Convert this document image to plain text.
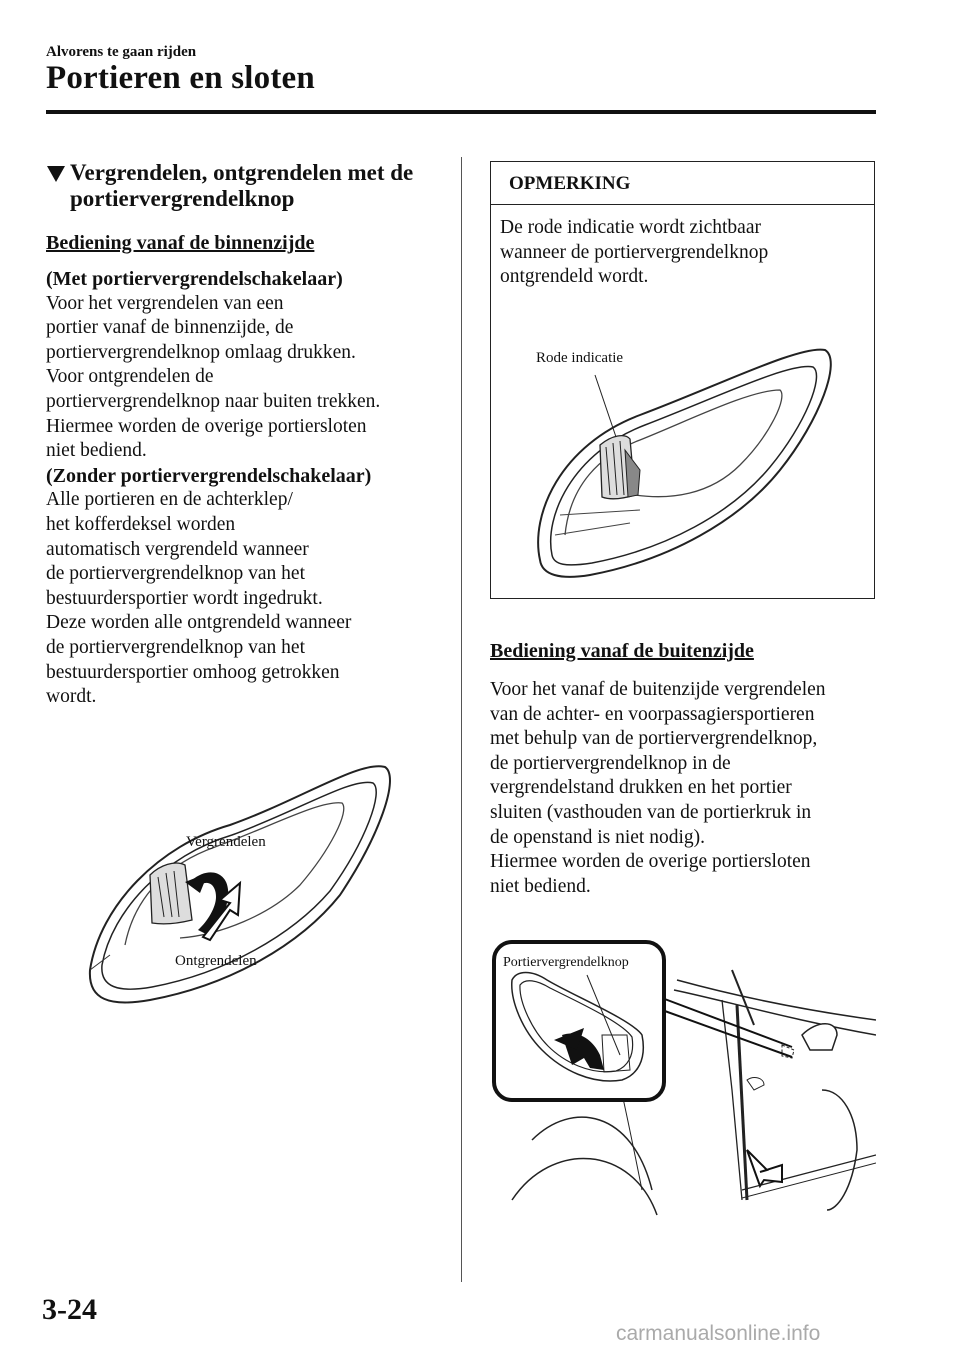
Alvorens te gaan rijden
Portieren en sloten
Vergrendelen, ontgrendelen met de portiervergrendelknop
Bediening vanaf de binnenzijde
(Met portiervergrendelschakelaar)
Voor het vergrendelen van een
portier vanaf de binnenzijde, de
portiervergrendelknop omlaag drukken.
Voor ontgrendelen de
portiervergrendelknop naar buiten trekken.
Hiermee worden de overige portiersloten
niet bediend.
(Zonder portiervergrendelschakelaar)
Alle portieren en de achterklep/
het kofferdeksel worden
automatisch vergrendeld wanneer
de portiervergrendelknop van het
bestuurdersportier wordt ingedrukt.
Deze worden alle ontgrendeld wanneer
de portiervergrendelknop van het
bestuurdersportier omhoog getrokken
wordt.
Vergrendelen
Ontgrendelen
OPMERKING
De rode indicatie wordt zichtbaar
wanneer de portiervergrendelknop
ontgrendeld wordt.
Rode indicatie
Bediening vanaf de buitenzijde
Voor het vanaf de buitenzijde vergrendelen
van de achter- en voorpassagiersportieren
met behulp van de portiervergrendelknop,
de portiervergrendelknop in de
vergrendelstand drukken en het portier
sluiten (vasthouden van de portierkruk in
de openstand is niet nodig).
Hiermee worden de overige portiersloten
niet bediend.
Portiervergrendelknop
3-24
carmanualsonline.info
